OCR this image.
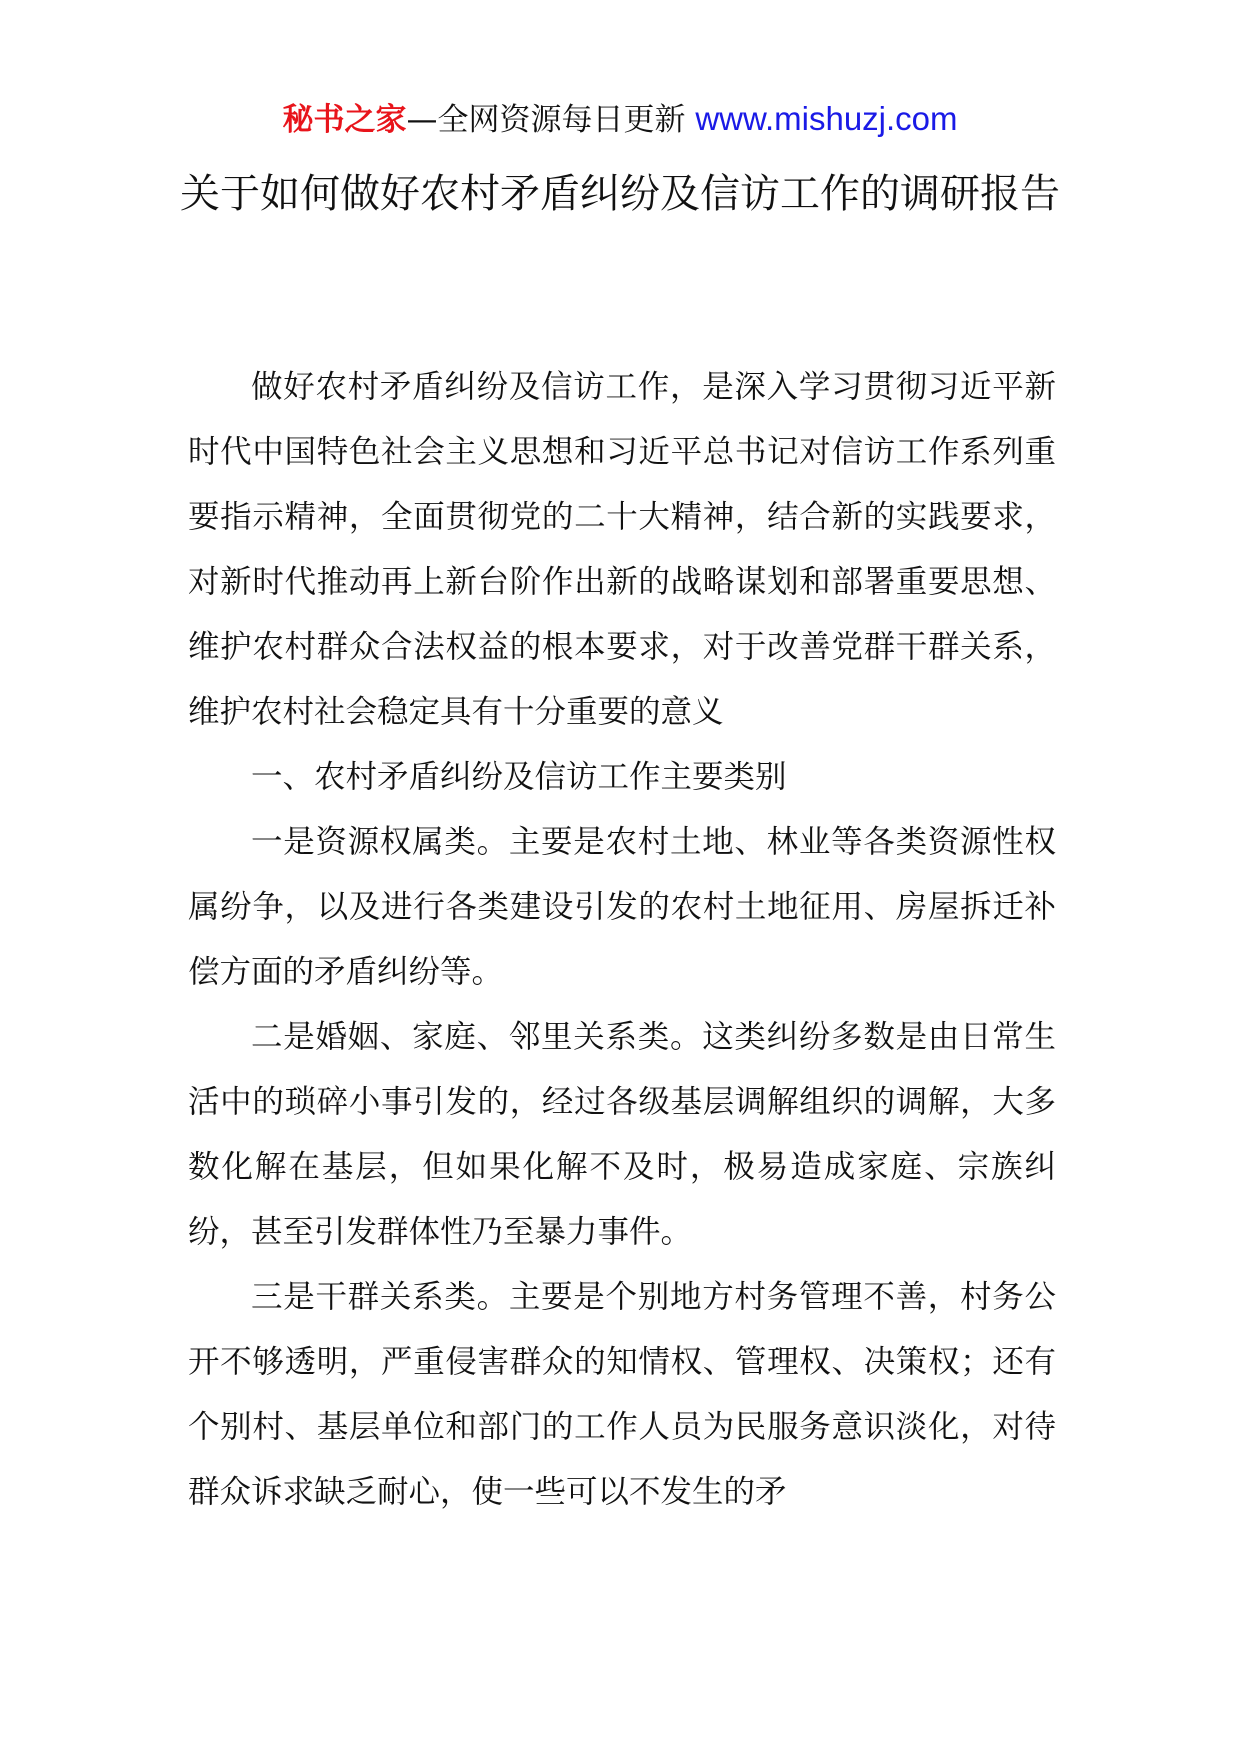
秘书之家—全网资源每日更新 www.mishuzj.com
关于如何做好农村矛盾纠纷及信访工作的调研报告

做好农村矛盾纠纷及信访工作，是深入学习贯彻习近平新时代中国特色社会主义思想和习近平总书记对信访工作系列重要指示精神，全面贯彻党的二十大精神，结合新的实践要求，对新时代推动再上新台阶作出新的战略谋划和部署重要思想、维护农村群众合法权益的根本要求，对于改善党群干群关系，维护农村社会稳定具有十分重要的意义

一、农村矛盾纠纷及信访工作主要类别

一是资源权属类。主要是农村土地、林业等各类资源性权属纷争，以及进行各类建设引发的农村土地征用、房屋拆迁补偿方面的矛盾纠纷等。

二是婚姻、家庭、邻里关系类。这类纠纷多数是由日常生活中的琐碎小事引发的，经过各级基层调解组织的调解，大多数化解在基层，但如果化解不及时，极易造成家庭、宗族纠纷，甚至引发群体性乃至暴力事件。

三是干群关系类。主要是个别地方村务管理不善，村务公开不够透明，严重侵害群众的知情权、管理权、决策权；还有个别村、基层单位和部门的工作人员为民服务意识淡化，对待群众诉求缺乏耐心，使一些可以不发生的矛
